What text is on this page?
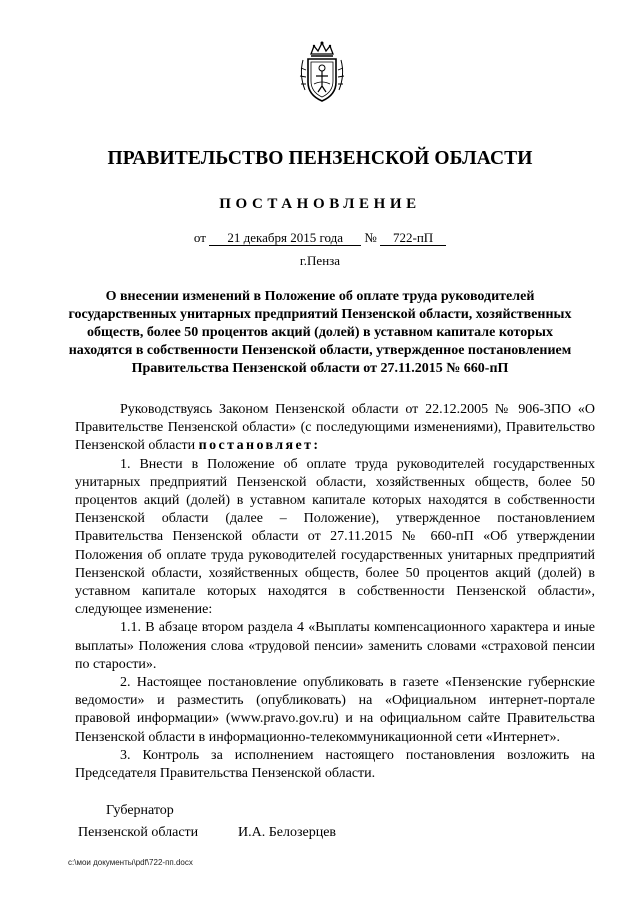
ПРАВИТЕЛЬСТВО ПЕНЗЕНСКОЙ ОБЛАСТИ
ПОСТАНОВЛЕНИЕ
от 21 декабря 2015 года № 722-пП
г.Пенза
О внесении изменений в Положение об оплате труда руководителей государственных унитарных предприятий Пензенской области, хозяйственных обществ, более 50 процентов акций (долей) в уставном капитале которых находятся в собственности Пензенской области, утвержденное постановлением Правительства Пензенской области от 27.11.2015 № 660-пП

Руководствуясь Законом Пензенской области от 22.12.2005 № 906-ЗПО «О Правительстве Пензенской области» (с последующими изменениями), Правительство Пензенской области постановляет:

1. Внести в Положение об оплате труда руководителей государственных унитарных предприятий Пензенской области, хозяйственных обществ, более 50 процентов акций (долей) в уставном капитале которых находятся в собственности Пензенской области (далее – Положение), утвержденное постановлением Правительства Пензенской области от 27.11.2015 № 660-пП «Об утверждении Положения об оплате труда руководителей государственных унитарных предприятий Пензенской области, хозяйственных обществ, более 50 процентов акций (долей) в уставном капитале которых находятся в собственности Пензенской области», следующее изменение:

1.1. В абзаце втором раздела 4 «Выплаты компенсационного характера и иные выплаты» Положения слова «трудовой пенсии» заменить словами «страховой пенсии по старости».

2. Настоящее постановление опубликовать в газете «Пензенские губернские ведомости» и разместить (опубликовать) на «Официальном интернет-портале правовой информации» (www.pravo.gov.ru) и на официальном сайте Правительства Пензенской области в информационно-телекоммуникационной сети «Интернет».

3. Контроль за исполнением настоящего постановления возложить на Председателя Правительства Пензенской области.

Губернатор
Пензенской области	И.А. Белозерцев
c:\мои документы\pdf\722-пп.docx
